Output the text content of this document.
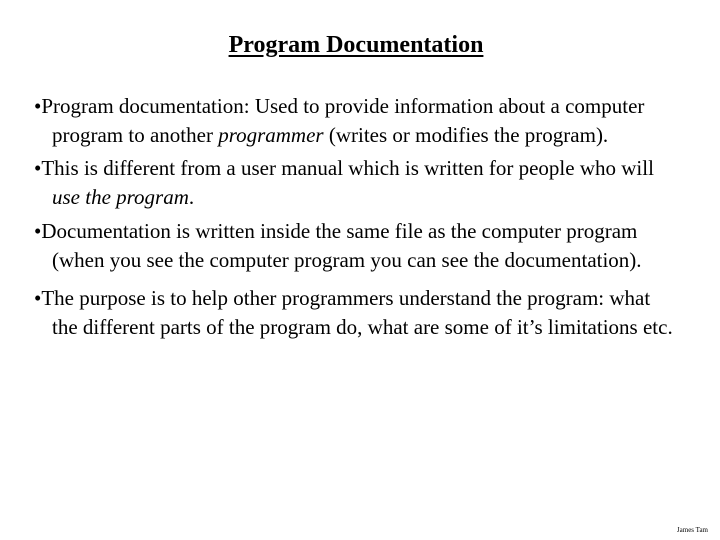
Program Documentation
•Program documentation: Used to provide information about a computer program to another programmer (writes or modifies the program).
•This is different from a user manual which is written for people who will use the program.
•Documentation is written inside the same file as the computer program (when you see the computer program you can see the documentation).
•The purpose is to help other programmers understand the program: what the different parts of the program do, what are some of it’s limitations etc.
James Tam
